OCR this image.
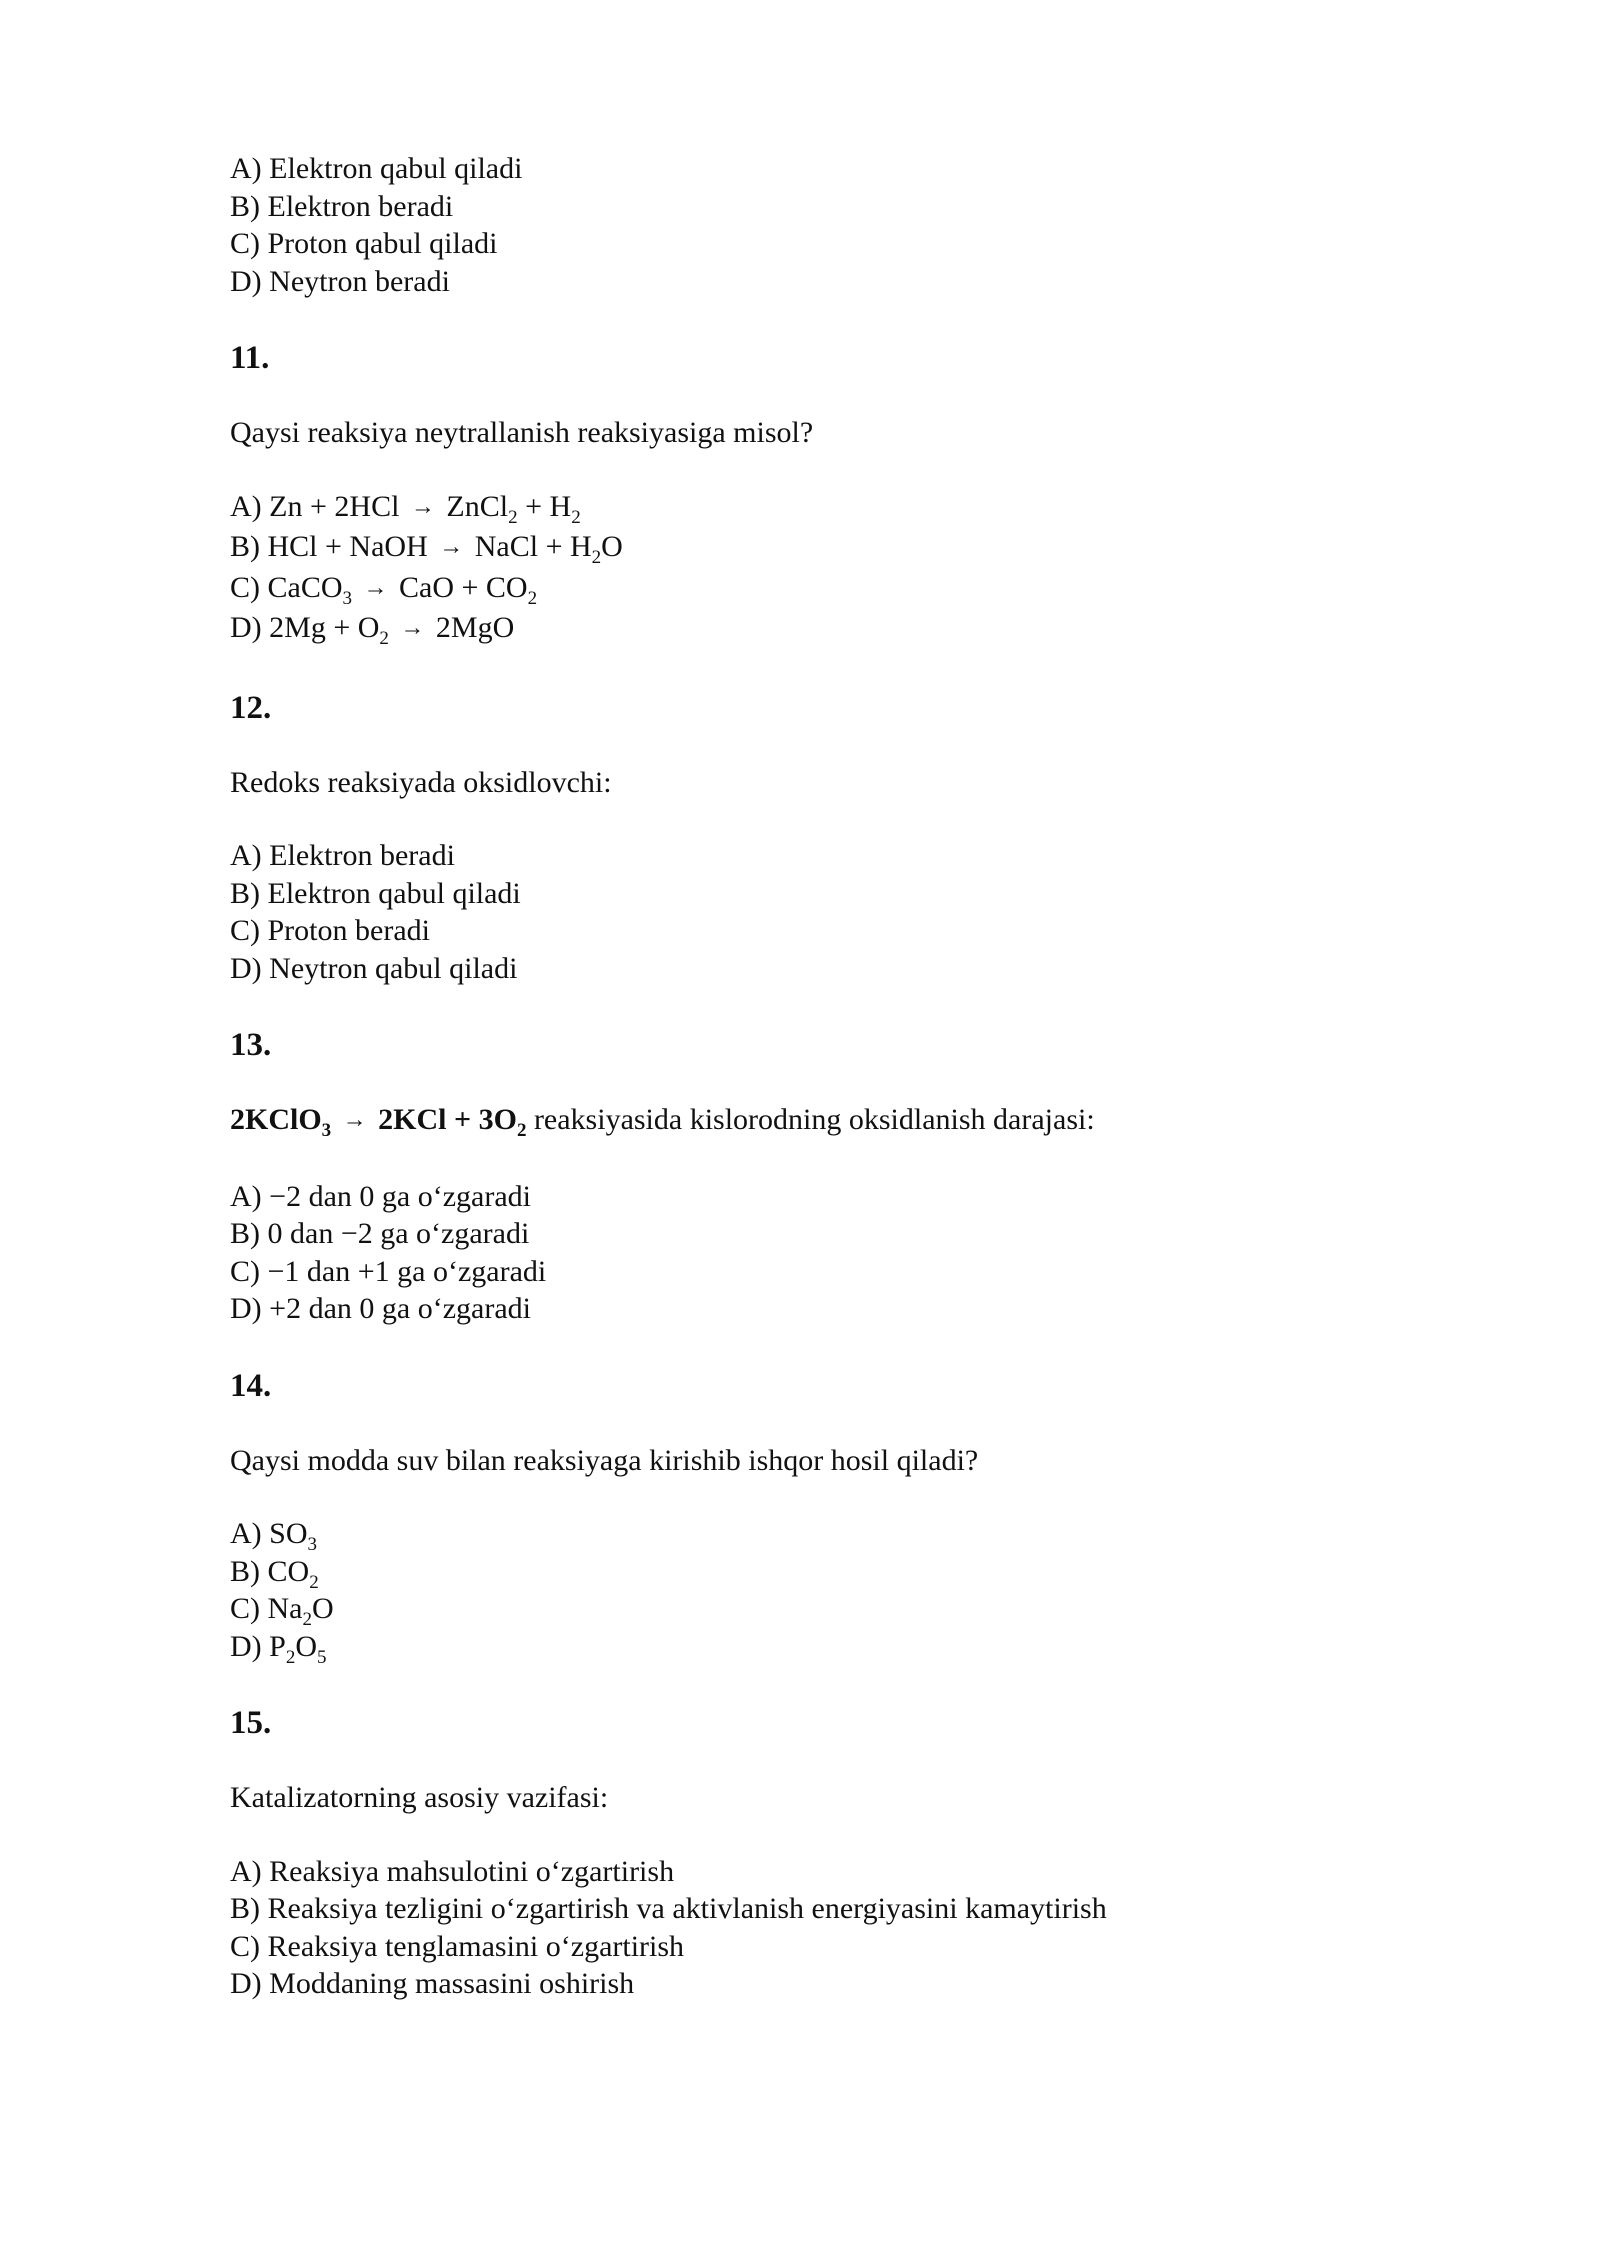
A) Elektron qabul qiladi
B) Elektron beradi
C) Proton qabul qiladi
D) Neytron beradi
11.
Qaysi reaksiya neytrallanish reaksiyasiga misol?
A) Zn + 2HCl → ZnCl$_2$ + $H_2$
B) HCl + NaOH → NaCl + $H_2O$
C) CaCO$_3$ → CaO + $CO_2$
D) $2Mg + O_2 \to 2MgO$
12.
Redoks reaksiyada oksidlovchi:
A) Elektron beradi
B) Elektron qabul qiladi
C) Proton beradi
D) Neytron qabul qiladi
13.
2KClO$_3$ → $2KCl + 3O_2$ reaksiyasida kislorodning oksidlanish darajasi:
A) −2 dan 0 ga o‘zgaradi
B) 0 dan −2 ga o‘zgaradi
C) −1 dan +1 ga o‘zgaradi
D) +2 dan 0 ga o‘zgaradi
14.
Qaysi modda suv bilan reaksiyaga kirishib ishqor hosil qiladi?
A) $SO_3$
B) $CO_2$
C) $Na_2O$
D) $P_2O_5$
15.
Katalizatorning asosiy vazifasi:
A) Reaksiya mahsulotini o‘zgartirish
B) Reaksiya tezligini o‘zgartirish va aktivlanish energiyasini kamaytirish
C) Reaksiya tenglamasini o‘zgartirish
D) Moddaning massasini oshirish
